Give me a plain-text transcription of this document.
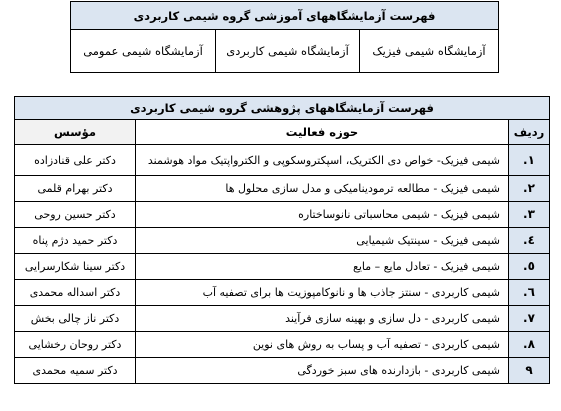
فهرست آزمایشگاههای آموزشی گروه شیمی کاربردی
آزمایشگاه شیمی فیزیک	آزمایشگاه شیمی کاربردی	آزمایشگاه شیمی عمومی
فهرست آزمایشگاههای پژوهشی گروه شیمی کاربردی		
ردیف	حوزه فعالیت	مؤسس
۱.	شیمی فیزیک- خواص دی الکتریک، اسپکتروسکوپی و الکترواپتیک مواد هوشمند	دکتر علی قنادزاده
۲.	شیمی فیزیک - مطالعه ترمودینامیکی و مدل سازی محلول ها	دکتر بهرام قلمی
۳.	شیمی فیزیک - شیمی محاسباتی نانوساختاره	دکتر حسین روحی
٤.	شیمی فیزیک - سینتیک شیمیایی	دکتر حمید دژم پناه
٥.	شیمی فیزیک - تعادل مایع – مایع	دکتر سینا شکارسرایی
٦.	شیمی کاربردی - سنتز جاذب ها و نانوکامپوزیت ها برای تصفیه آب	دکتر اسداله محمدی
۷.	شیمی کاربردی - دل سازی و بهینه سازی فرآیند	دکتر ناز چالی بخش
۸.	شیمی کاربردی - تصفیه آب و پساب به روش های نوین	دکتر روحان رخشایی
۹	شیمی کاربردی - بازدارنده های سبز خوردگی	دکتر سمیه محمدی
